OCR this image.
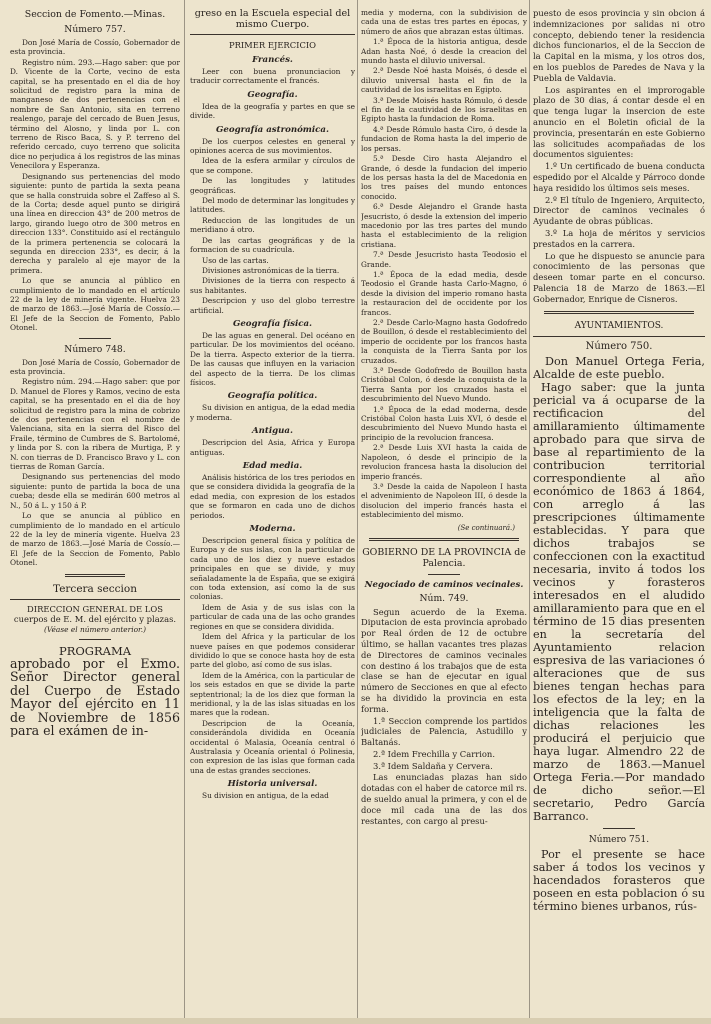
Seccion de Fomento.—Minas.

Número 757.

Don José María de Cossío, Gobernador de esta provincia.

Registro núm. 293.—Hago saber: que por D. Vicente de la Corte, vecino de esta capital, se ha presentado en el dia de hoy solicitud de registro para la mina de manganeso de dos pertenencias con el nombre de San Antonio, sita en terreno realengo, paraje del cercado de Buen Jesus, término del Alosno, y linda por L. con terreno de Risco Baca, S. y P. terreno del referido cercado, cuyo terreno que solicita dice no perjudica á los registros de las minas Venecilora y Esperanza.

Designando sus pertenencias del modo siguiente: punto de partida la sexta peana que se halla construida sobre el Zaffeso al S. de la Corta; desde aquel punto se dirigirá una línea en direccion 43° de 200 metros de largo, girando luego otro de 300 metros en direccion 133°. Constituido así el rectángulo de la primera pertenencia se colocará la segunda en direccion 233°, es decir, á la derecha y paralelo al eje mayor de la primera.

Lo que se anuncia al público en cumplimiento de lo mandado en el artículo 22 de la ley de minería vigente. Huelva 23 de marzo de 1863.—José María de Cossío.—El Jefe de la Seccion de Fomento, Pablo Otonel.

Número 748.

Don José María de Cossío, Gobernador de esta provincia.

Registro núm. 294.—Hago saber: que por D. Manuel de Flores y Ramos, vecino de esta capital, se ha presentado en el dia de hoy solicitud de registro para la mina de cobrizo de dos pertenencias con el nombre de Valenciana, sita en la sierra del Risco del Fraile, término de Cumbres de S. Bartolomé, y linda por S. con la ribera de Murtiga, P. y N. con tierras de D. Francisco Bravo y L. con tierras de Roman García.

Designando sus pertenencias del modo siguiente: punto de partida la boca de una cueba; desde ella se medirán 600 metros al N., 50 á L. y 150 á P.

Lo que se anuncia al público en cumplimiento de lo mandado en el artículo 22 de la ley de minería vigente. Huelva 23 de marzo de 1863.—José María de Cossío.—El Jefe de la Seccion de Fomento, Pablo Otonel.

Tercera seccion

DIRECCION GENERAL DE LOS cuerpos de E. M. del ejército y plazas.

(Véase el número anterior.)

PROGRAMA

aprobado por el Exmo. Señor Director general del Cuerpo de Estado Mayor del ejército en 11 de Noviembre de 1856 para el exámen de in-

greso en la Escuela especial del mismo Cuerpo.

PRIMER EJERCICIO

Francés.

Leer con buena pronunciacion y traducir correctamente el francés.

Geografía.

Idea de la geografía y partes en que se divide.

Geografía astronómica.

De los cuerpos celestes en general y opiniones acerca de sus movimientos.

Idea de la esfera armilar y círculos de que se compone.

De las longitudes y latitudes geográficas.

Del modo de determinar las longitudes y latitudes.

Reduccion de las longitudes de un meridiano á otro.

De las cartas geográficas y de la formacion de su cuadrícula.

Uso de las cartas.

Divisiones astronómicas de la tierra.

Divisiones de la tierra con respecto á sus habitantes.

Descripcion y uso del globo terrestre artificial.

Geografía física.

De las aguas en general. Del océano en particular. De los movimientos del océano. De la tierra. Aspecto exterior de la tierra. De las causas que influyen en la variacion del aspecto de la tierra. De los climas físicos.

Geografía política.

Su division en antigua, de la edad media y moderna.

Antigua.

Descripcion del Asia, Africa y Europa antiguas.

Edad media.

Análisis histórica de los tres periodos en que se considera dividida la geografía de la edad media, con expresion de los estados que se formaron en cada uno de dichos periodos.

Moderna.

Descripcion general física y política de Europa y de sus islas, con la particular de cada uno de los diez y nueve estados principales en que se divide, y muy señaladamente la de España, que se exigirá con toda extension, así como la de sus colonias.

Idem de Asia y de sus islas con la particular de cada una de las ocho grandes regiones en que se considera dividida.

Idem del Africa y la particular de los nueve países en que podemos considerar dividido lo que se conoce hasta hoy de esta parte del globo, así como de sus islas.

Idem de la América, con la particular de los seis estados en que se divide la parte septentrional; la de los diez que forman la meridional, y la de las islas situadas en los mares que la rodean.

Descripcion de la Oceanía, considerándola dividida en Oceanía occidental ó Malasia, Oceanía central ó Australasia y Oceanía oriental ó Polinesia, con expresion de las islas que forman cada una de estas grandes secciones.

Historia universal.

Su division en antigua, de la edad

media y moderna, con la subdivision de cada una de estas tres partes en épocas, y número de años que abrazan estas últimas.

1.ª Época de la historia antigua, desde Adan hasta Noé, ó desde la creacion del mundo hasta el diluvio universal.

2.ª Desde Noé hasta Moisés, ó desde el diluvio universal hasta el fin de la cautividad de los israelitas en Egipto.

3.ª Desde Moisés hasta Rómulo, ó desde el fin de la cautividad de los israelitas en Egipto hasta la fundacion de Roma.

4.ª Desde Rómulo hasta Ciro, ó desde la fundacion de Roma hasta la del imperio de los persas.

5.ª Desde Ciro hasta Alejandro el Grande, ó desde la fundacion del imperio de los persas hasta la del de Macedonia en los tres países del mundo entonces conocido.

6.ª Desde Alejandro el Grande hasta Jesucristo, ó desde la extension del imperio macedonio por las tres partes del mundo hasta el establecimiento de la religion cristiana.

7.ª Desde Jesucristo hasta Teodosio el Grande.

1.ª Época de la edad media, desde Teodosio el Grande hasta Carlo-Magno, ó desde la division del imperio romano hasta la restauracion del de occidente por los francos.

2.ª Desde Carlo-Magno hasta Godofredo de Bouillon, ó desde el restablecimiento del imperio de occidente por los francos hasta la conquista de la Tierra Santa por los cruzados.

3.ª Desde Godofredo de Bouillon hasta Cristóbal Colon, ó desde la conquista de la Tierra Santa por los cruzados hasta el descubrimiento del Nuevo Mundo.

1.ª Época de la edad moderna, desde Cristóbal Colon hasta Luis XVI, ó desde el descubrimiento del Nuevo Mundo hasta el principio de la revolucion francesa.

2.ª Desde Luis XVI hasta la caida de Napoleon, ó desde el principio de la revolucion francesa hasta la disolucion del imperio francés.

3.ª Desde la caida de Napoleon I hasta el advenimiento de Napoleon III, ó desde la disolucion del imperio francés hasta el establecimiento del mismo.

(Se continuará.)

GOBIERNO DE LA PROVINCIA de Palencia.

Negociado de caminos vecinales.

Núm. 749.

Segun acuerdo de la Exema. Diputacion de esta provincia aprobado por Real órden de 12 de octubre último, se hallan vacantes tres plazas de Directores de caminos vecinales con destino á los trabajos que de esta clase se han de ejecutar en igual número de Secciones en que al efecto se ha dividido la provincia en esta forma.

1.ª Seccion comprende los partidos judiciales de Palencia, Astudillo y Baltanás.

2.ª Idem Frechilla y Carrion.

3.ª Idem Saldaña y Cervera.

Las enunciadas plazas han sido dotadas con el haber de catorce mil rs. de sueldo anual la primera, y con el de doce mil cada una de las dos restantes, con cargo al presu-

puesto de esos provincia y sin obcion á indemnizaciones por salidas ni otro concepto, debiendo tener la residencia dichos funcionarios, el de la Seccion de la Capital en la misma, y los otros dos, en los pueblos de Paredes de Nava y la Puebla de Valdavia.

Los aspirantes en el improrogable plazo de 30 dias, á contar desde el en que tenga lugar la insercion de este anuncio en el Boletin oficial de la provincia, presentarán en este Gobierno las solicitudes acompañadas de los documentos siguientes:

1.º Un certificado de buena conducta espedido por el Alcalde y Párroco donde haya residido los últimos seis meses.

2.º El título de Ingeniero, Arquitecto, Director de caminos vecinales ó Ayudante de obras públicas.

3.º La hoja de méritos y servicios prestados en la carrera.

Lo que he dispuesto se anuncie para conocimiento de las personas que deseen tomar parte en el concurso. Palencia 18 de Marzo de 1863.—El Gobernador, Enrique de Cisneros.

AYUNTAMIENTOS.

Número 750.

Don Manuel Ortega Feria, Alcalde de este pueblo.

Hago saber: que la junta pericial va á ocuparse de la rectificacion del amillaramiento últimamente aprobado para que sirva de base al repartimiento de la contribucion territorial correspondiente al año económico de 1863 á 1864, con arreglo á las prescripciones últimamente establecidas. Y para que dichos trabajos se confeccionen con la exactitud necesaria, invito á todos los vecinos y forasteros interesados en el aludido amillaramiento para que en el término de 15 dias presenten en la secretaría del Ayuntamiento relacion espresiva de las variaciones ó alteraciones que de sus bienes tengan hechas para los efectos de la ley; en la inteligencia que la falta de dichas relaciones les producirá el perjuicio que haya lugar. Almendro 22 de marzo de 1863.—Manuel Ortega Feria.—Por mandado de dicho señor.—El secretario, Pedro García Barranco.

Número 751.

Por el presente se hace saber á todos los vecinos y hacendados forasteros que poseen en esta poblacion ó su término bienes urbanos, rús-
